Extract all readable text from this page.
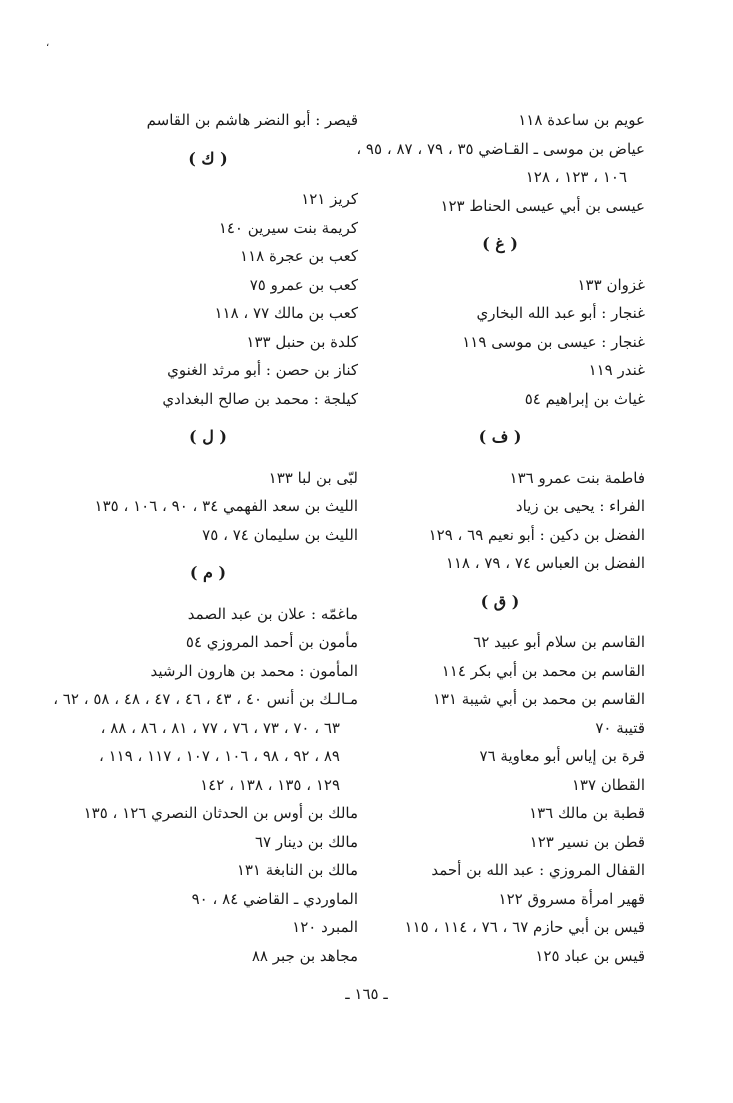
،

عويم بن ساعدة ١١٨

عياض بن موسى ـ القـاضي ٣٥ ، ٧٩ ، ٨٧ ، ٩٥ ،

١٠٦ ، ١٢٣ ، ١٢٨

عيسى بن أبي عيسى الحناط ١٢٣

( غ )

غزوان ١٣٣

غنجار : أبو عبد الله البخاري

غنجار : عيسى بن موسى ١١٩

غندر ١١٩

غياث بن إبراهيم ٥٤

( ف )

فاطمة بنت عمرو ١٣٦

الفراء : يحيى بن زياد

الفضل بن دكين : أبو نعيم ٦٩ ، ١٢٩

الفضل بن العباس ٧٤ ، ٧٩ ، ١١٨

( ق )

القاسم بن سلام أبو عبيد ٦٢

القاسم بن محمد بن أبي بكر ١١٤

القاسم بن محمد بن أبي شيبة ١٣١

قتيبة ٧٠

قرة بن إياس أبو معاوية ٧٦

القطان ١٣٧

قطبة بن مالك ١٣٦

قطن بن نسير ١٢٣

القفال المروزي : عبد الله بن أحمد

قهير امرأة مسروق ١٢٢

قيس بن أبي حازم ٦٧ ، ٧٦ ، ١١٤ ، ١١٥

قيس بن عباد ١٢٥

قيصر : أبو النضر هاشم بن القاسم

( ك )

كريز ١٢١

كريمة بنت سيرين ١٤٠

كعب بن عجرة ١١٨

كعب بن عمرو ٧٥

كعب بن مالك ٧٧ ، ١١٨

كلدة بن حنبل ١٣٣

كناز بن حصن : أبو مرثد الغنوي

كيلجة : محمد بن صالح البغدادي

( ل )

لبّى بن لبا ١٣٣

الليث بن سعد الفهمي ٣٤ ، ٩٠ ، ١٠٦ ، ١٣٥

الليث بن سليمان ٧٤ ، ٧٥

( م )

ماغمّه : علان بن عبد الصمد

مأمون بن أحمد المروزي ٥٤

المأمون : محمد بن هارون الرشيد

مـالـك بن أنس ٤٠ ، ٤٣ ، ٤٦ ، ٤٧ ، ٤٨ ، ٥٨ ، ٦٢ ،

٦٣ ، ٧٠ ، ٧٣ ، ٧٦ ، ٧٧ ، ٨١ ، ٨٦ ، ٨٨ ،

٨٩ ، ٩٢ ، ٩٨ ، ١٠٦ ، ١٠٧ ، ١١٧ ، ١١٩ ،

١٢٩ ، ١٣٥ ، ١٣٨ ، ١٤٢

مالك بن أوس بن الحدثان النصري ١٢٦ ، ١٣٥

مالك بن دينار ٦٧

مالك بن النابغة ١٣١

الماوردي ـ القاضي ٨٤ ، ٩٠

المبرد ١٢٠

مجاهد بن جبر ٨٨

ـ ١٦٥ ـ
